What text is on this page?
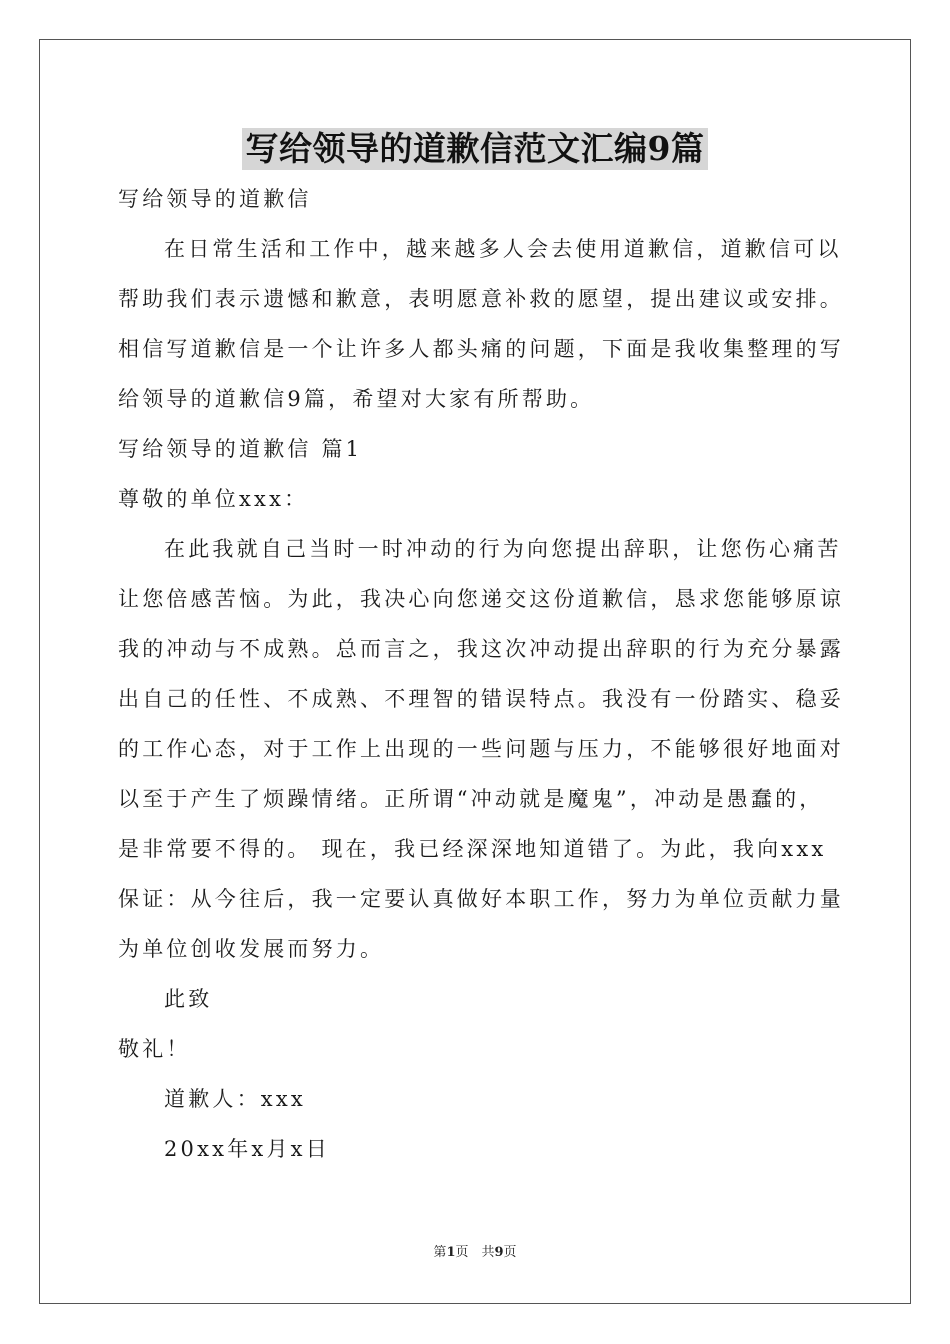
写给领导的道歉信范文汇编9篇
写给领导的道歉信
在日常生活和工作中，越来越多人会去使用道歉信，道歉信可以
帮助我们表示遗憾和歉意，表明愿意补救的愿望，提出建议或安排。
相信写道歉信是一个让许多人都头痛的问题，下面是我收集整理的写
给领导的道歉信9篇，希望对大家有所帮助。
写给领导的道歉信 篇1
尊敬的单位xxx：
在此我就自己当时一时冲动的行为向您提出辞职，让您伤心痛苦
让您倍感苦恼。为此，我决心向您递交这份道歉信，恳求您能够原谅
我的冲动与不成熟。总而言之，我这次冲动提出辞职的行为充分暴露
出自己的任性、不成熟、不理智的错误特点。我没有一份踏实、稳妥
的工作心态，对于工作上出现的一些问题与压力，不能够很好地面对
以至于产生了烦躁情绪。正所谓“冲动就是魔鬼”，冲动是愚蠢的，
是非常要不得的。 现在，我已经深深地知道错了。为此，我向xxx
保证：从今往后，我一定要认真做好本职工作，努力为单位贡献力量
为单位创收发展而努力。
此致
敬礼！
道歉人：xxx
20xx年x月x日
第1页　共9页
